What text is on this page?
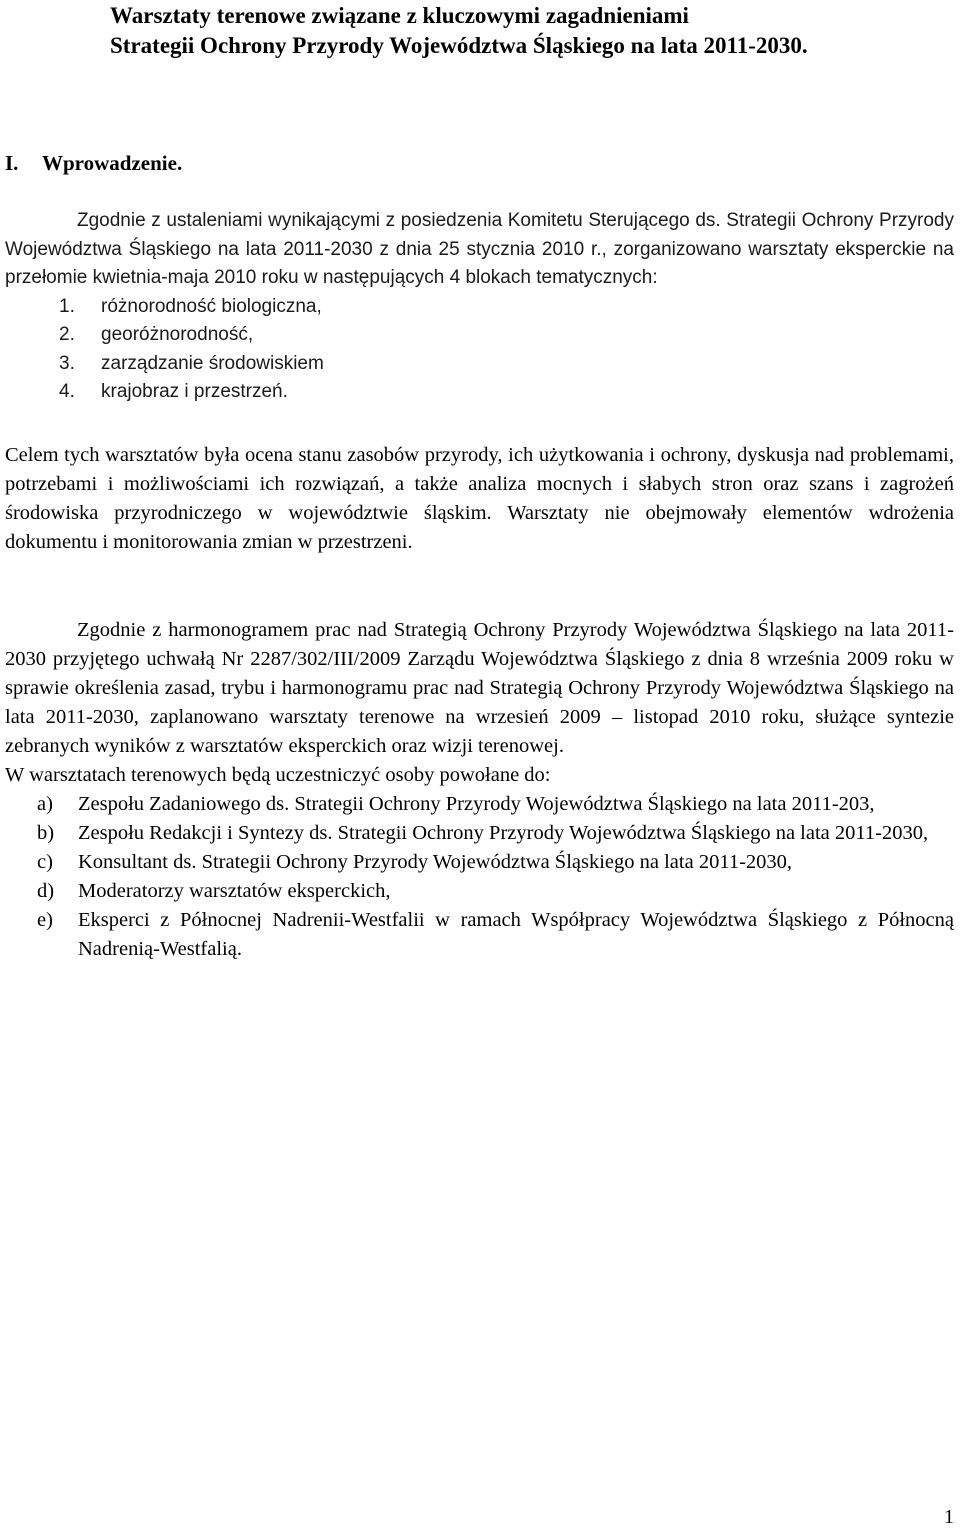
Warsztaty terenowe związane z kluczowymi zagadnieniami
Strategii Ochrony Przyrody Województwa Śląskiego na lata 2011-2030.
I. Wprowadzenie.

Zgodnie z ustaleniami wynikającymi z posiedzenia Komitetu Sterującego ds. Strategii Ochrony Przyrody Województwa Śląskiego na lata 2011-2030 z dnia 25 stycznia 2010 r., zorganizowano warsztaty eksperckie na przełomie kwietnia-maja 2010 roku w następujących 4 blokach tematycznych:

1.	różnorodność biologiczna,
2.	georóżnorodność,
3.	zarządzanie środowiskiem
4.	krajobraz i przestrzeń.

Celem tych warsztatów była ocena stanu zasobów przyrody, ich użytkowania i ochrony, dyskusja nad problemami, potrzebami i możliwościami ich rozwiązań, a także analiza mocnych i słabych stron oraz szans i zagrożeń środowiska przyrodniczego w województwie śląskim. Warsztaty nie obejmowały elementów wdrożenia dokumentu i monitorowania zmian w przestrzeni.

Zgodnie z harmonogramem prac nad Strategią Ochrony Przyrody Województwa Śląskiego na lata 2011-2030 przyjętego uchwałą Nr 2287/302/III/2009 Zarządu Województwa Śląskiego z dnia 8 września 2009 roku w sprawie określenia zasad, trybu i harmonogramu prac nad Strategią Ochrony Przyrody Województwa Śląskiego na lata 2011-2030, zaplanowano warsztaty terenowe na wrzesień 2009 – listopad 2010 roku, służące syntezie zebranych wyników z warsztatów eksperckich oraz wizji terenowej.

W warsztatach terenowych będą uczestniczyć osoby powołane do:

a) Zespołu Zadaniowego ds. Strategii Ochrony Przyrody Województwa Śląskiego na lata 2011-203,
b) Zespołu Redakcji i Syntezy ds. Strategii Ochrony Przyrody Województwa Śląskiego na lata 2011-2030,
c) Konsultant ds. Strategii Ochrony Przyrody Województwa Śląskiego na lata 2011-2030,
d) Moderatorzy warsztatów eksperckich,
e) Eksperci z Północnej Nadrenii-Westfalii w ramach Współpracy Województwa Śląskiego z Północną Nadrenią-Westfalią.
1
